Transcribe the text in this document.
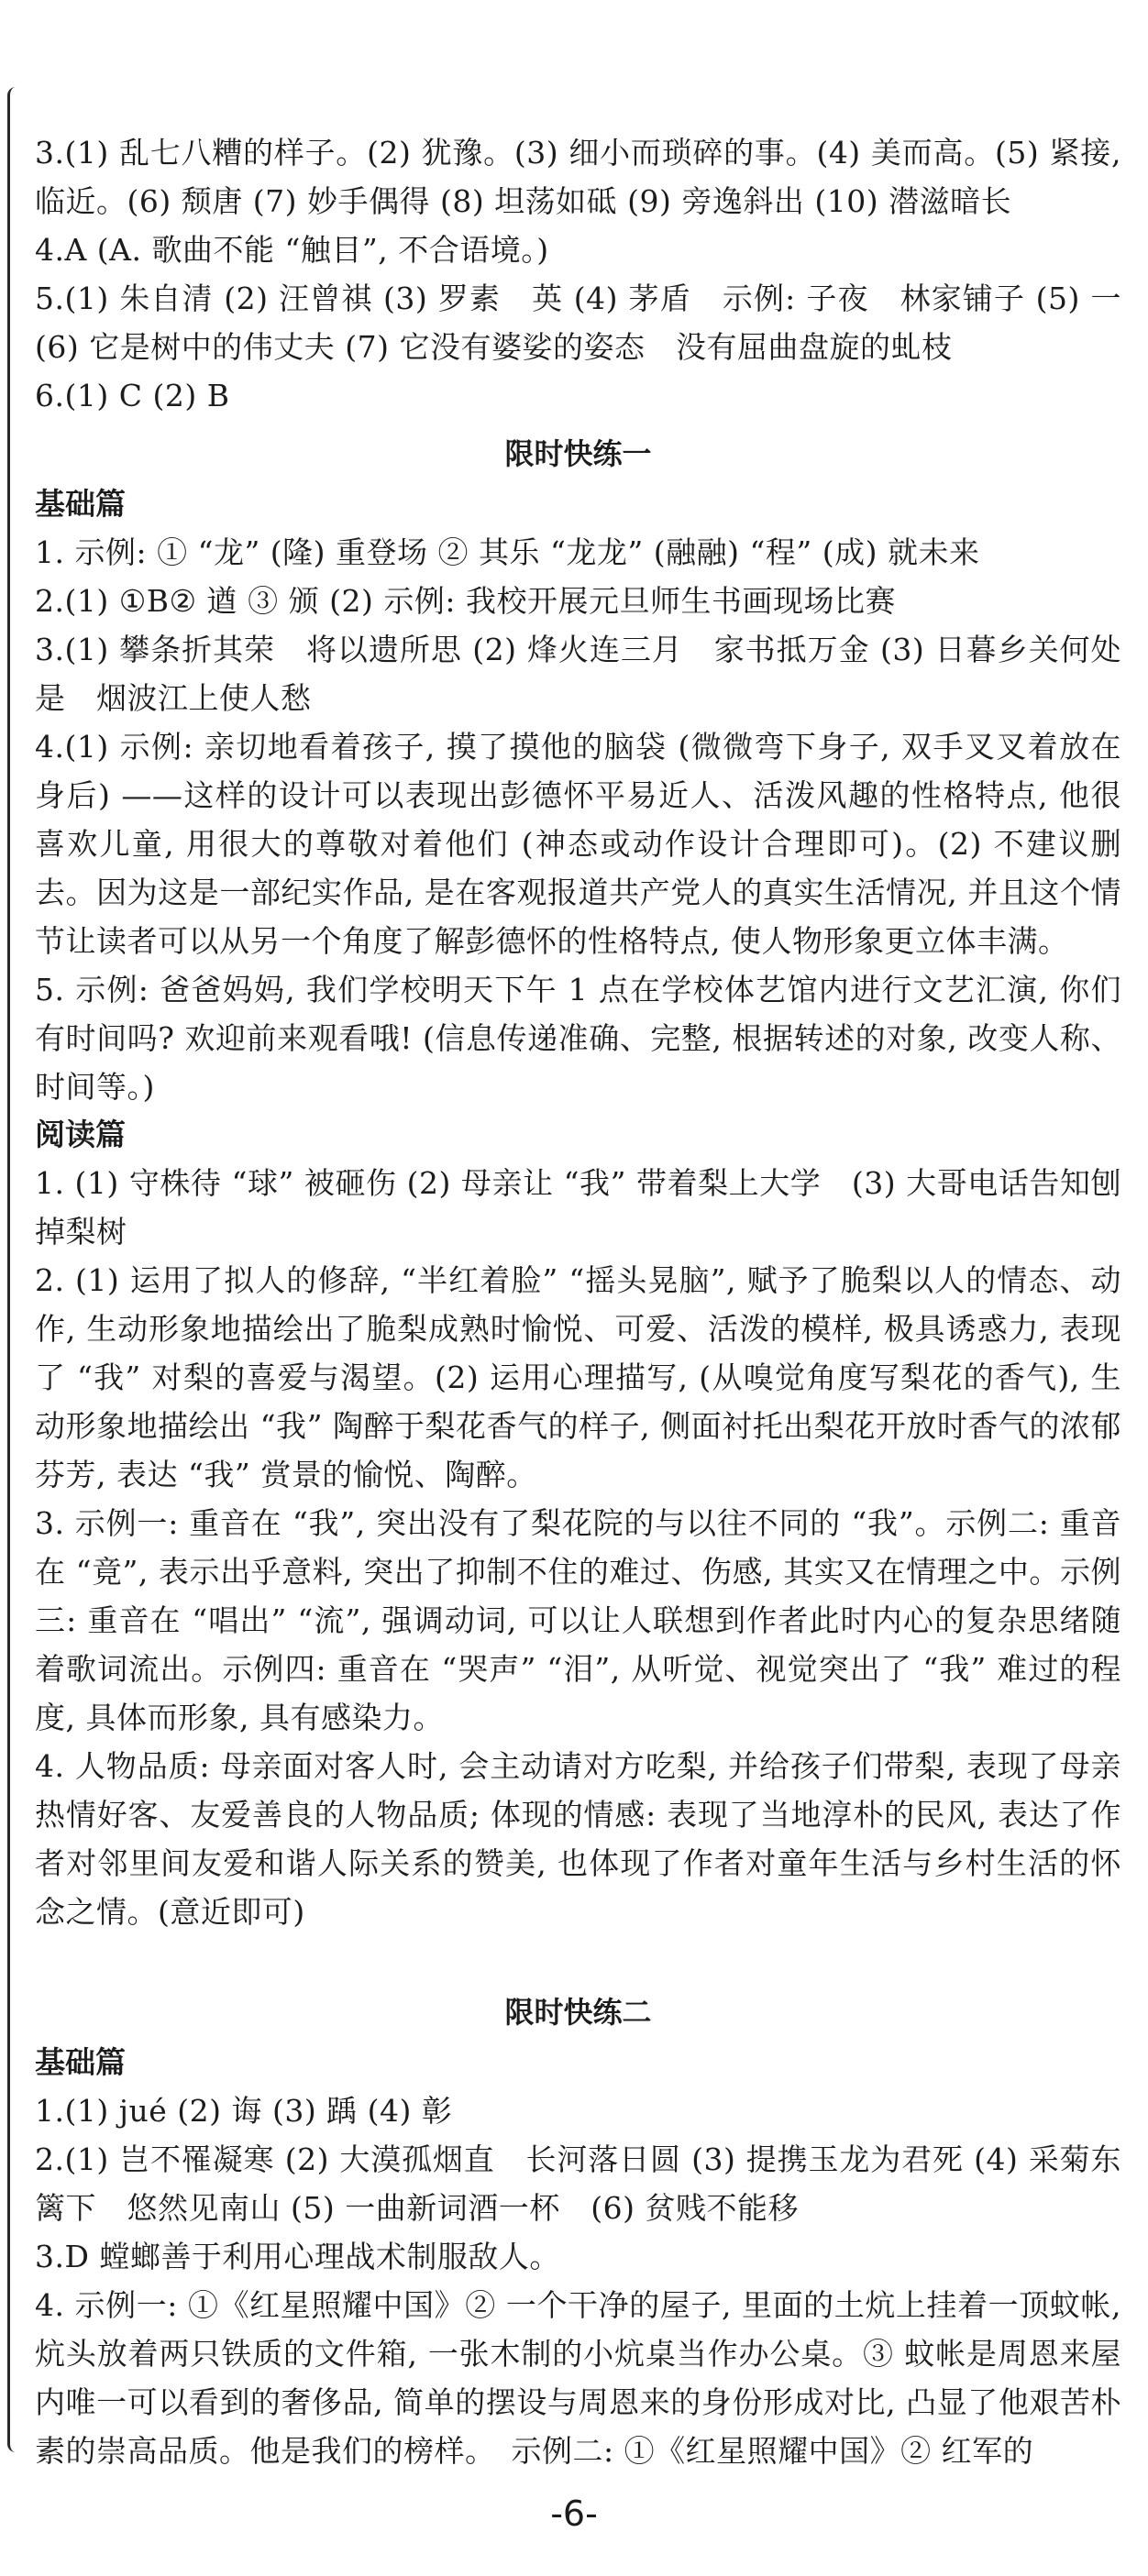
3.(1) 乱七八糟的样子。(2) 犹豫。(3) 细小而琐碎的事。(4) 美而高。(5) 紧接,临近。(6) 颓唐 (7) 妙手偶得 (8) 坦荡如砥 (9) 旁逸斜出 (10) 潜滋暗长

4.A (A. 歌曲不能 “触目”, 不合语境。)

5.(1) 朱自清 (2) 汪曾祺 (3) 罗素　英 (4) 茅盾　示例: 子夜　林家铺子 (5) 一 (6) 它是树中的伟丈夫 (7) 它没有婆娑的姿态　没有屈曲盘旋的虬枝

6.(1) C (2) B

限时快练一
基础篇

1. 示例: ① “龙” (隆) 重登场 ② 其乐 “龙龙” (融融) “程” (成) 就未来

2.(1) ①B② 遒 ③ 颁 (2) 示例: 我校开展元旦师生书画现场比赛

3.(1) 攀条折其荣　将以遗所思 (2) 烽火连三月　家书抵万金 (3) 日暮乡关何处是　烟波江上使人愁

4.(1) 示例: 亲切地看着孩子, 摸了摸他的脑袋 (微微弯下身子, 双手叉叉着放在身后) ——这样的设计可以表现出彭德怀平易近人、活泼风趣的性格特点, 他很喜欢儿童, 用很大的尊敬对着他们 (神态或动作设计合理即可)。(2) 不建议删去。因为这是一部纪实作品, 是在客观报道共产党人的真实生活情况, 并且这个情节让读者可以从另一个角度了解彭德怀的性格特点, 使人物形象更立体丰满。

5. 示例: 爸爸妈妈, 我们学校明天下午 1 点在学校体艺馆内进行文艺汇演, 你们有时间吗? 欢迎前来观看哦! (信息传递准确、完整, 根据转述的对象, 改变人称、时间等。)

阅读篇

1. (1) 守株待 “球” 被砸伤 (2) 母亲让 “我” 带着梨上大学　(3) 大哥电话告知刨掉梨树

2. (1) 运用了拟人的修辞, “半红着脸” “摇头晃脑”, 赋予了脆梨以人的情态、动作, 生动形象地描绘出了脆梨成熟时愉悦、可爱、活泼的模样, 极具诱惑力, 表现了 “我” 对梨的喜爱与渴望。(2) 运用心理描写, (从嗅觉角度写梨花的香气), 生动形象地描绘出 “我” 陶醉于梨花香气的样子, 侧面衬托出梨花开放时香气的浓郁芬芳, 表达 “我” 赏景的愉悦、陶醉。

3. 示例一: 重音在 “我”, 突出没有了梨花院的与以往不同的 “我”。示例二: 重音在 “竟”, 表示出乎意料, 突出了抑制不住的难过、伤感, 其实又在情理之中。示例三: 重音在 “唱出” “流”, 强调动词, 可以让人联想到作者此时内心的复杂思绪随着歌词流出。示例四: 重音在 “哭声” “泪”, 从听觉、视觉突出了 “我” 难过的程度, 具体而形象, 具有感染力。

4. 人物品质: 母亲面对客人时, 会主动请对方吃梨, 并给孩子们带梨, 表现了母亲热情好客、友爱善良的人物品质; 体现的情感: 表现了当地淳朴的民风, 表达了作者对邻里间友爱和谐人际关系的赞美, 也体现了作者对童年生活与乡村生活的怀念之情。(意近即可)

限时快练二
基础篇

1.(1) jué (2) 诲 (3) 踽 (4) 彰

2.(1) 岂不罹凝寒 (2) 大漠孤烟直　长河落日圆 (3) 提携玉龙为君死 (4) 采菊东篱下　悠然见南山 (5) 一曲新词酒一杯　(6) 贫贱不能移

3.D 螳螂善于利用心理战术制服敌人。

4. 示例一: ①《红星照耀中国》② 一个干净的屋子, 里面的土炕上挂着一顶蚊帐, 炕头放着两只铁质的文件箱, 一张木制的小炕桌当作办公桌。③ 蚊帐是周恩来屋内唯一可以看到的奢侈品, 简单的摆设与周恩来的身份形成对比, 凸显了他艰苦朴素的崇高品质。他是我们的榜样。　示例二: ①《红星照耀中国》② 红军的

-6-
